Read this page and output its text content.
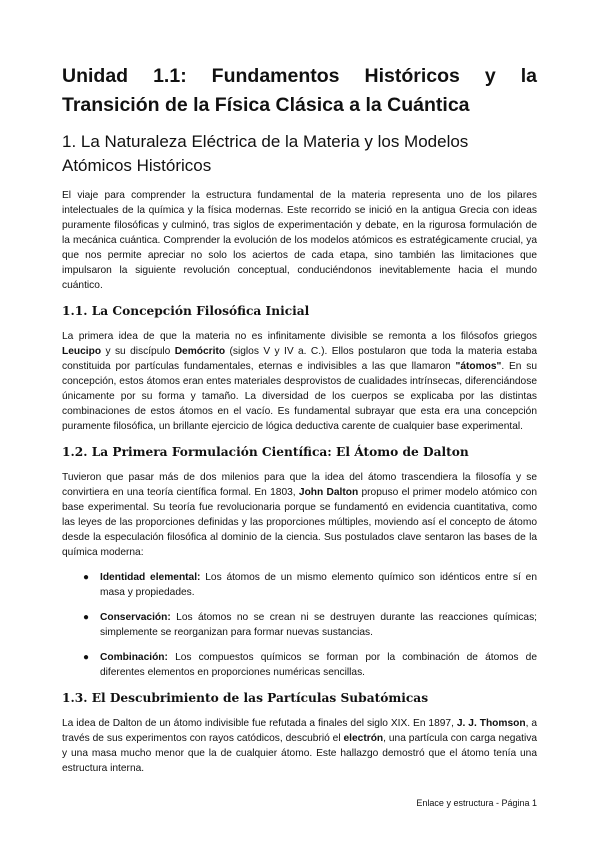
Unidad 1.1: Fundamentos Históricos y la Transición de la Física Clásica a la Cuántica
1. La Naturaleza Eléctrica de la Materia y los Modelos Atómicos Históricos

El viaje para comprender la estructura fundamental de la materia representa uno de los pilares intelectuales de la química y la física modernas. Este recorrido se inició en la antigua Grecia con ideas puramente filosóficas y culminó, tras siglos de experimentación y debate, en la rigurosa formulación de la mecánica cuántica. Comprender la evolución de los modelos atómicos es estratégicamente crucial, ya que nos permite apreciar no solo los aciertos de cada etapa, sino también las limitaciones que impulsaron la siguiente revolución conceptual, conduciéndonos inevitablemente hacia el mundo cuántico.

1.1. La Concepción Filosófica Inicial

La primera idea de que la materia no es infinitamente divisible se remonta a los filósofos griegos Leucipo y su discípulo Demócrito (siglos V y IV a. C.). Ellos postularon que toda la materia estaba constituida por partículas fundamentales, eternas e indivisibles a las que llamaron "átomos". En su concepción, estos átomos eran entes materiales desprovistos de cualidades intrínsecas, diferenciándose únicamente por su forma y tamaño. La diversidad de los cuerpos se explicaba por las distintas combinaciones de estos átomos en el vacío. Es fundamental subrayar que esta era una concepción puramente filosófica, un brillante ejercicio de lógica deductiva carente de cualquier base experimental.

1.2. La Primera Formulación Científica: El Átomo de Dalton

Tuvieron que pasar más de dos milenios para que la idea del átomo trascendiera la filosofía y se convirtiera en una teoría científica formal. En 1803, John Dalton propuso el primer modelo atómico con base experimental. Su teoría fue revolucionaria porque se fundamentó en evidencia cuantitativa, como las leyes de las proporciones definidas y las proporciones múltiples, moviendo así el concepto de átomo desde la especulación filosófica al dominio de la ciencia. Sus postulados clave sentaron las bases de la química moderna:

● Identidad elemental: Los átomos de un mismo elemento químico son idénticos entre sí en masa y propiedades.
● Conservación: Los átomos no se crean ni se destruyen durante las reacciones químicas; simplemente se reorganizan para formar nuevas sustancias.
● Combinación: Los compuestos químicos se forman por la combinación de átomos de diferentes elementos en proporciones numéricas sencillas.
1.3. El Descubrimiento de las Partículas Subatómicas

La idea de Dalton de un átomo indivisible fue refutada a finales del siglo XIX. En 1897, J. J. Thomson, a través de sus experimentos con rayos catódicos, descubrió el electrón, una partícula con carga negativa y una masa mucho menor que la de cualquier átomo. Este hallazgo demostró que el átomo tenía una estructura interna.

Enlace y estructura - Página 1
